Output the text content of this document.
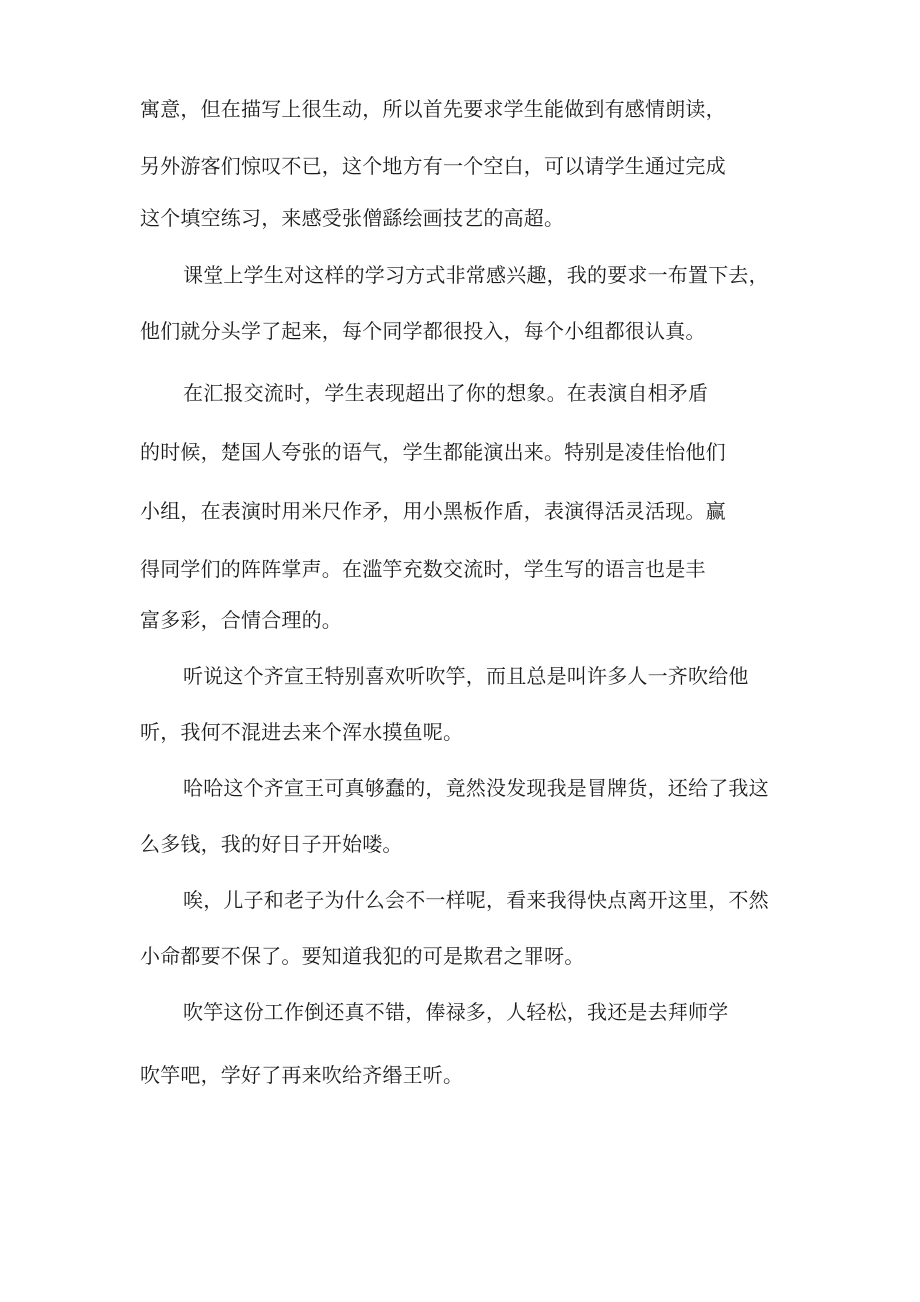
寓意，但在描写上很生动，所以首先要求学生能做到有感情朗读，
另外游客们惊叹不已，这个地方有一个空白，可以请学生通过完成
这个填空练习，来感受张僧繇绘画技艺的高超。
课堂上学生对这样的学习方式非常感兴趣，我的要求一布置下去，
他们就分头学了起来，每个同学都很投入，每个小组都很认真。
在汇报交流时，学生表现超出了你的想象。在表演自相矛盾
的时候，楚国人夸张的语气，学生都能演出来。特别是凌佳怡他们
小组，在表演时用米尺作矛，用小黑板作盾，表演得活灵活现。赢
得同学们的阵阵掌声。在滥竽充数交流时，学生写的语言也是丰
富多彩，合情合理的。
听说这个齐宣王特别喜欢听吹竽，而且总是叫许多人一齐吹给他
听，我何不混进去来个浑水摸鱼呢。
哈哈这个齐宣王可真够蠢的，竟然没发现我是冒牌货，还给了我这
么多钱，我的好日子开始喽。
唉，儿子和老子为什么会不一样呢，看来我得快点离开这里，不然
小命都要不保了。要知道我犯的可是欺君之罪呀。
吹竽这份工作倒还真不错，俸禄多，人轻松，我还是去拜师学
吹竽吧，学好了再来吹给齐缗王听。
